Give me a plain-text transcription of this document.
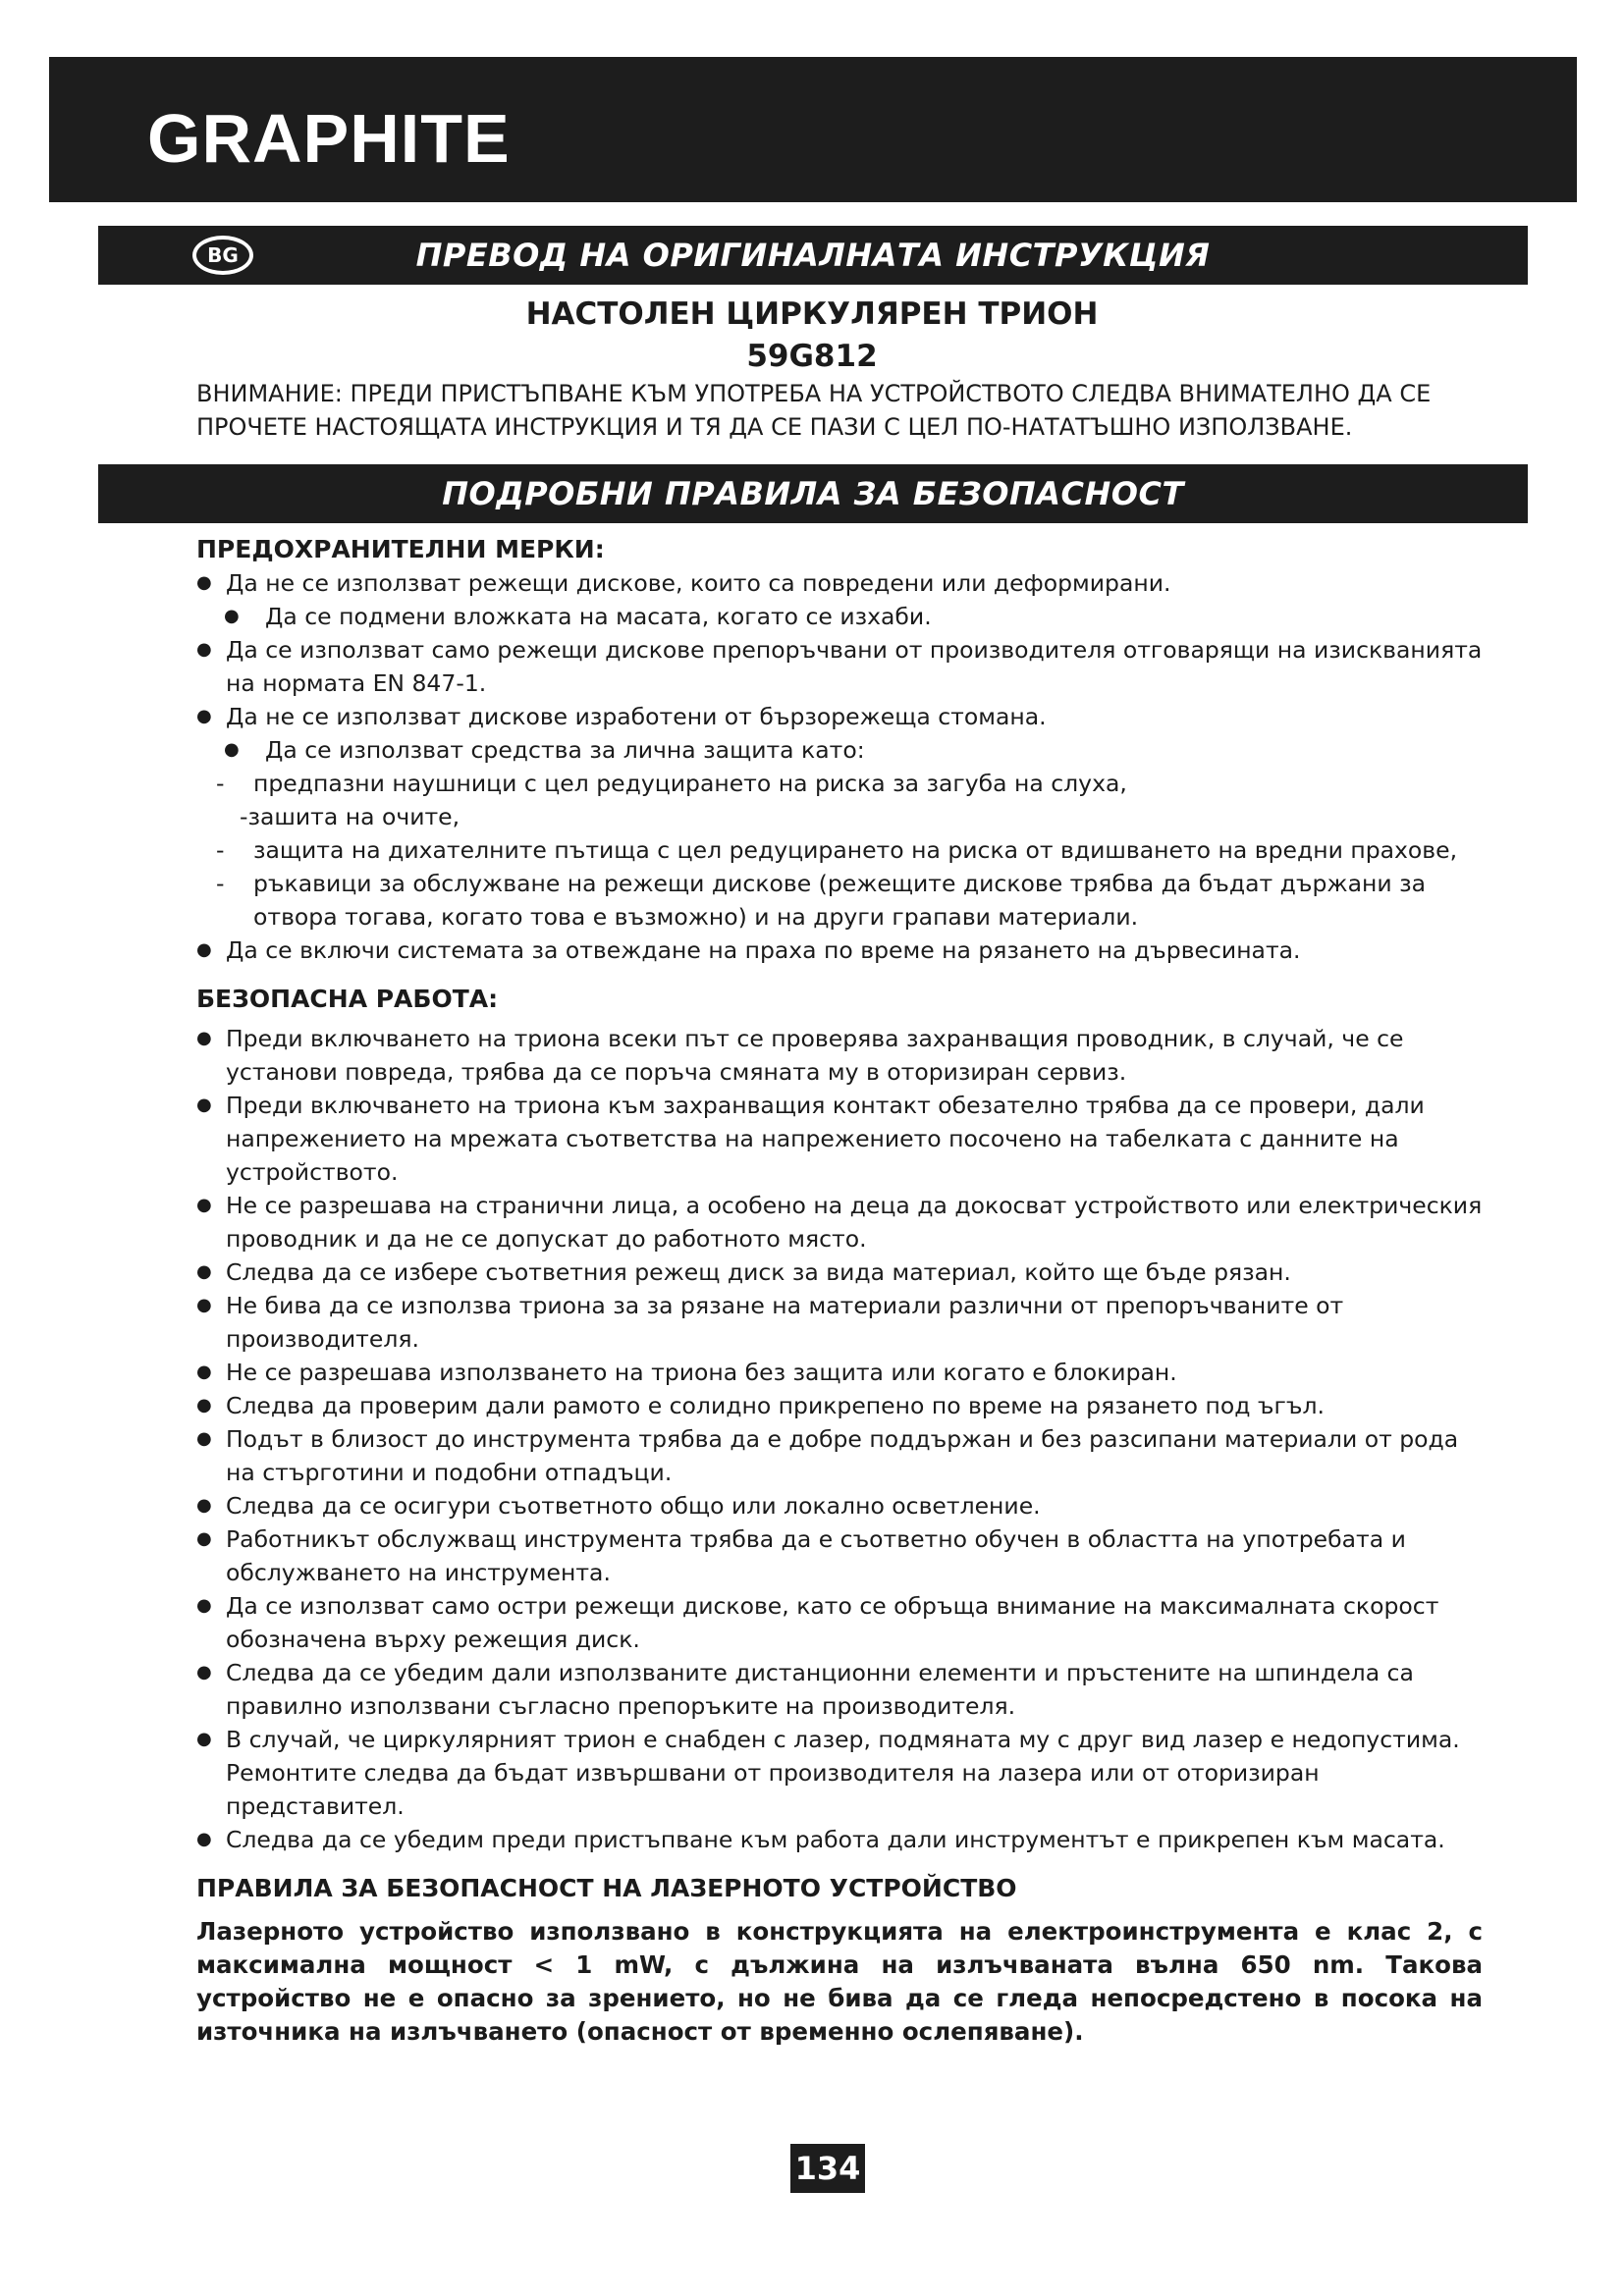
GRAPHITE
BG	ПРЕВОД НА ОРИГИНАЛНАТА ИНСТРУКЦИЯ
НАСТОЛЕН ЦИРКУЛЯРЕН ТРИОН
59G812
ВНИМАНИЕ: ПРЕДИ ПРИСТЪПВАНЕ КЪМ УПОТРЕБА НА УСТРОЙСТВОТО СЛЕДВА ВНИМАТЕЛНО ДА СЕ ПРОЧЕТЕ НАСТОЯЩАТА ИНСТРУКЦИЯ И ТЯ ДА СЕ ПАЗИ С ЦЕЛ ПО-НАТАТЪШНО ИЗПОЛЗВАНЕ.
ПОДРОБНИ ПРАВИЛА ЗА БЕЗОПАСНОСТ
ПРЕДОХРАНИТЕЛНИ МЕРКИ:
● Да не се използват режещи дискове, които са повредени или деформирани.
● Да се подмени вложката на масата, когато се изхаби.
● Да се използват само режещи дискове препоръчвани от производителя отговарящи на изискванията на нормата EN 847-1.
● Да не се използват дискове изработени от бързорежеща стомана.
● Да се използват средства за лична защита като:
- предпазни наушници с цел редуцирането на риска за загуба на слуха,
-зашита на очите,
- защита на дихателните пътища с цел редуцирането на риска от вдишването на вредни прахове,
- ръкавици за обслужване на режещи дискове (режещите дискове трябва да бъдат държани за отвора тогава, когато това е възможно) и на други грапави материали.
● Да се включи системата за отвеждане на праха по време на рязането на дървесината.
БЕЗОПАСНА РАБОТА:
● Преди включването на триона всеки път се проверява захранващия проводник, в случай, че се установи повреда, трябва да се поръча смяната му в оторизиран сервиз.
● Преди включването на триона към захранващия контакт обезателно трябва да се провери, дали напрежението на мрежата съответства на напрежението посочено на табелката с данните на устройството.
● Не се разрешава на странични лица, а особено на деца да докосват устройството или електрическия проводник и да не се допускат до работното място.
● Следва да се избере съответния режещ диск за вида материал, който ще бъде рязан.
● Не бива да се използва триона за за рязане на материали различни от препоръчваните от производителя.
● Не се разрешава използването на триона без защита или когато е блокиран.
● Следва да проверим дали рамото е солидно прикрепено по време на рязането под ъгъл.
● Подът в близост до инструмента трябва да е добре поддържан и без разсипани материали от рода на стърготини и подобни отпадъци.
● Следва да се осигури съответното общо или локално осветление.
● Работникът обслужващ инструмента трябва да е съответно обучен в областта на употребата и обслужването на инструмента.
● Да се използват само остри режещи дискове, като се обръща внимание на максималната скорост обозначена върху режещия диск.
● Следва да се убедим дали използваните дистанционни елементи и пръстените на шпиндела са правилно използвани съгласно препоръките на производителя.
● В случай, че циркулярният трион е снабден с лазер, подмяната му с друг вид лазер е недопустима. Ремонтите следва да бъдат извършвани от производителя на лазера или от оторизиран представител.
● Следва да се убедим преди пристъпване към работа дали инструментът е прикрепен към масата.
ПРАВИЛА ЗА БЕЗОПАСНОСТ НА ЛАЗЕРНОТО УСТРОЙСТВО

Лазерното устройство използвано в конструкцията на електроинструмента е клас 2, с максимална мощност < 1 mW, с дължина на излъчваната вълна 650 nm. Такова устройство не е опасно за зрението, но не бива да се гледа непосредстено в посока на източника на излъчването (опасност от временно ослепяване).

134
